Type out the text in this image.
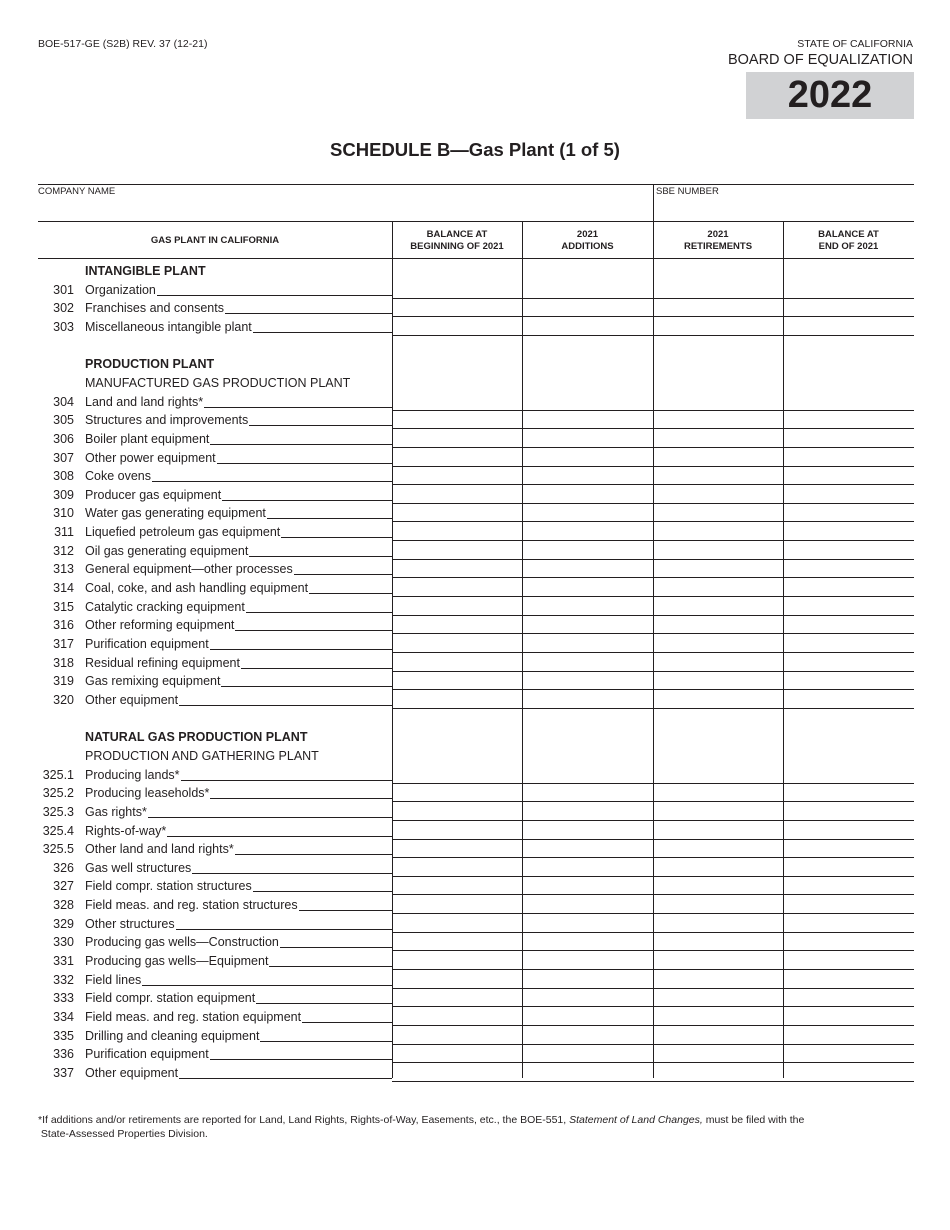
BOE-517-GE (S2B) REV. 37 (12-21)	STATE OF CALIFORNIA
BOARD OF EQUALIZATION
2022
SCHEDULE B—Gas Plant (1 of 5)
COMPANY NAME	SBE NUMBER
GAS PLANT IN CALIFORNIA
BALANCE AT
BEGINNING OF 2021
2021
ADDITIONS
2021
RETIREMENTS
BALANCE AT
END OF 2021
INTANGIBLE PLANT
301 Organization
302 Franchises and consents
303 Miscellaneous intangible plant
PRODUCTION PLANT
MANUFACTURED GAS PRODUCTION PLANT
304 Land and land rights*
305 Structures and improvements
306 Boiler plant equipment
307 Other power equipment
308 Coke ovens
309 Producer gas equipment
310 Water gas generating equipment
311 Liquefied petroleum gas equipment
312 Oil gas generating equipment
313 General equipment—other processes
314 Coal, coke, and ash handling equipment
315 Catalytic cracking equipment
316 Other reforming equipment
317 Purification equipment
318 Residual refining equipment
319 Gas remixing equipment
320 Other equipment
NATURAL GAS PRODUCTION PLANT
PRODUCTION AND GATHERING PLANT
325.1 Producing lands*
325.2 Producing leaseholds*
325.3 Gas rights*
325.4 Rights-of-way*
325.5 Other land and land rights*
326 Gas well structures
327 Field compr. station structures
328 Field meas. and reg. station structures
329 Other structures
330 Producing gas wells—Construction
331 Producing gas wells—Equipment
332 Field lines
333 Field compr. station equipment
334 Field meas. and reg. station equipment
335 Drilling and cleaning equipment
336 Purification equipment
337 Other equipment
*If additions and/or retirements are reported for Land, Land Rights, Rights-of-Way, Easements, etc., the BOE-551, Statement of Land Changes, must be filed with the
State-Assessed Properties Division.
